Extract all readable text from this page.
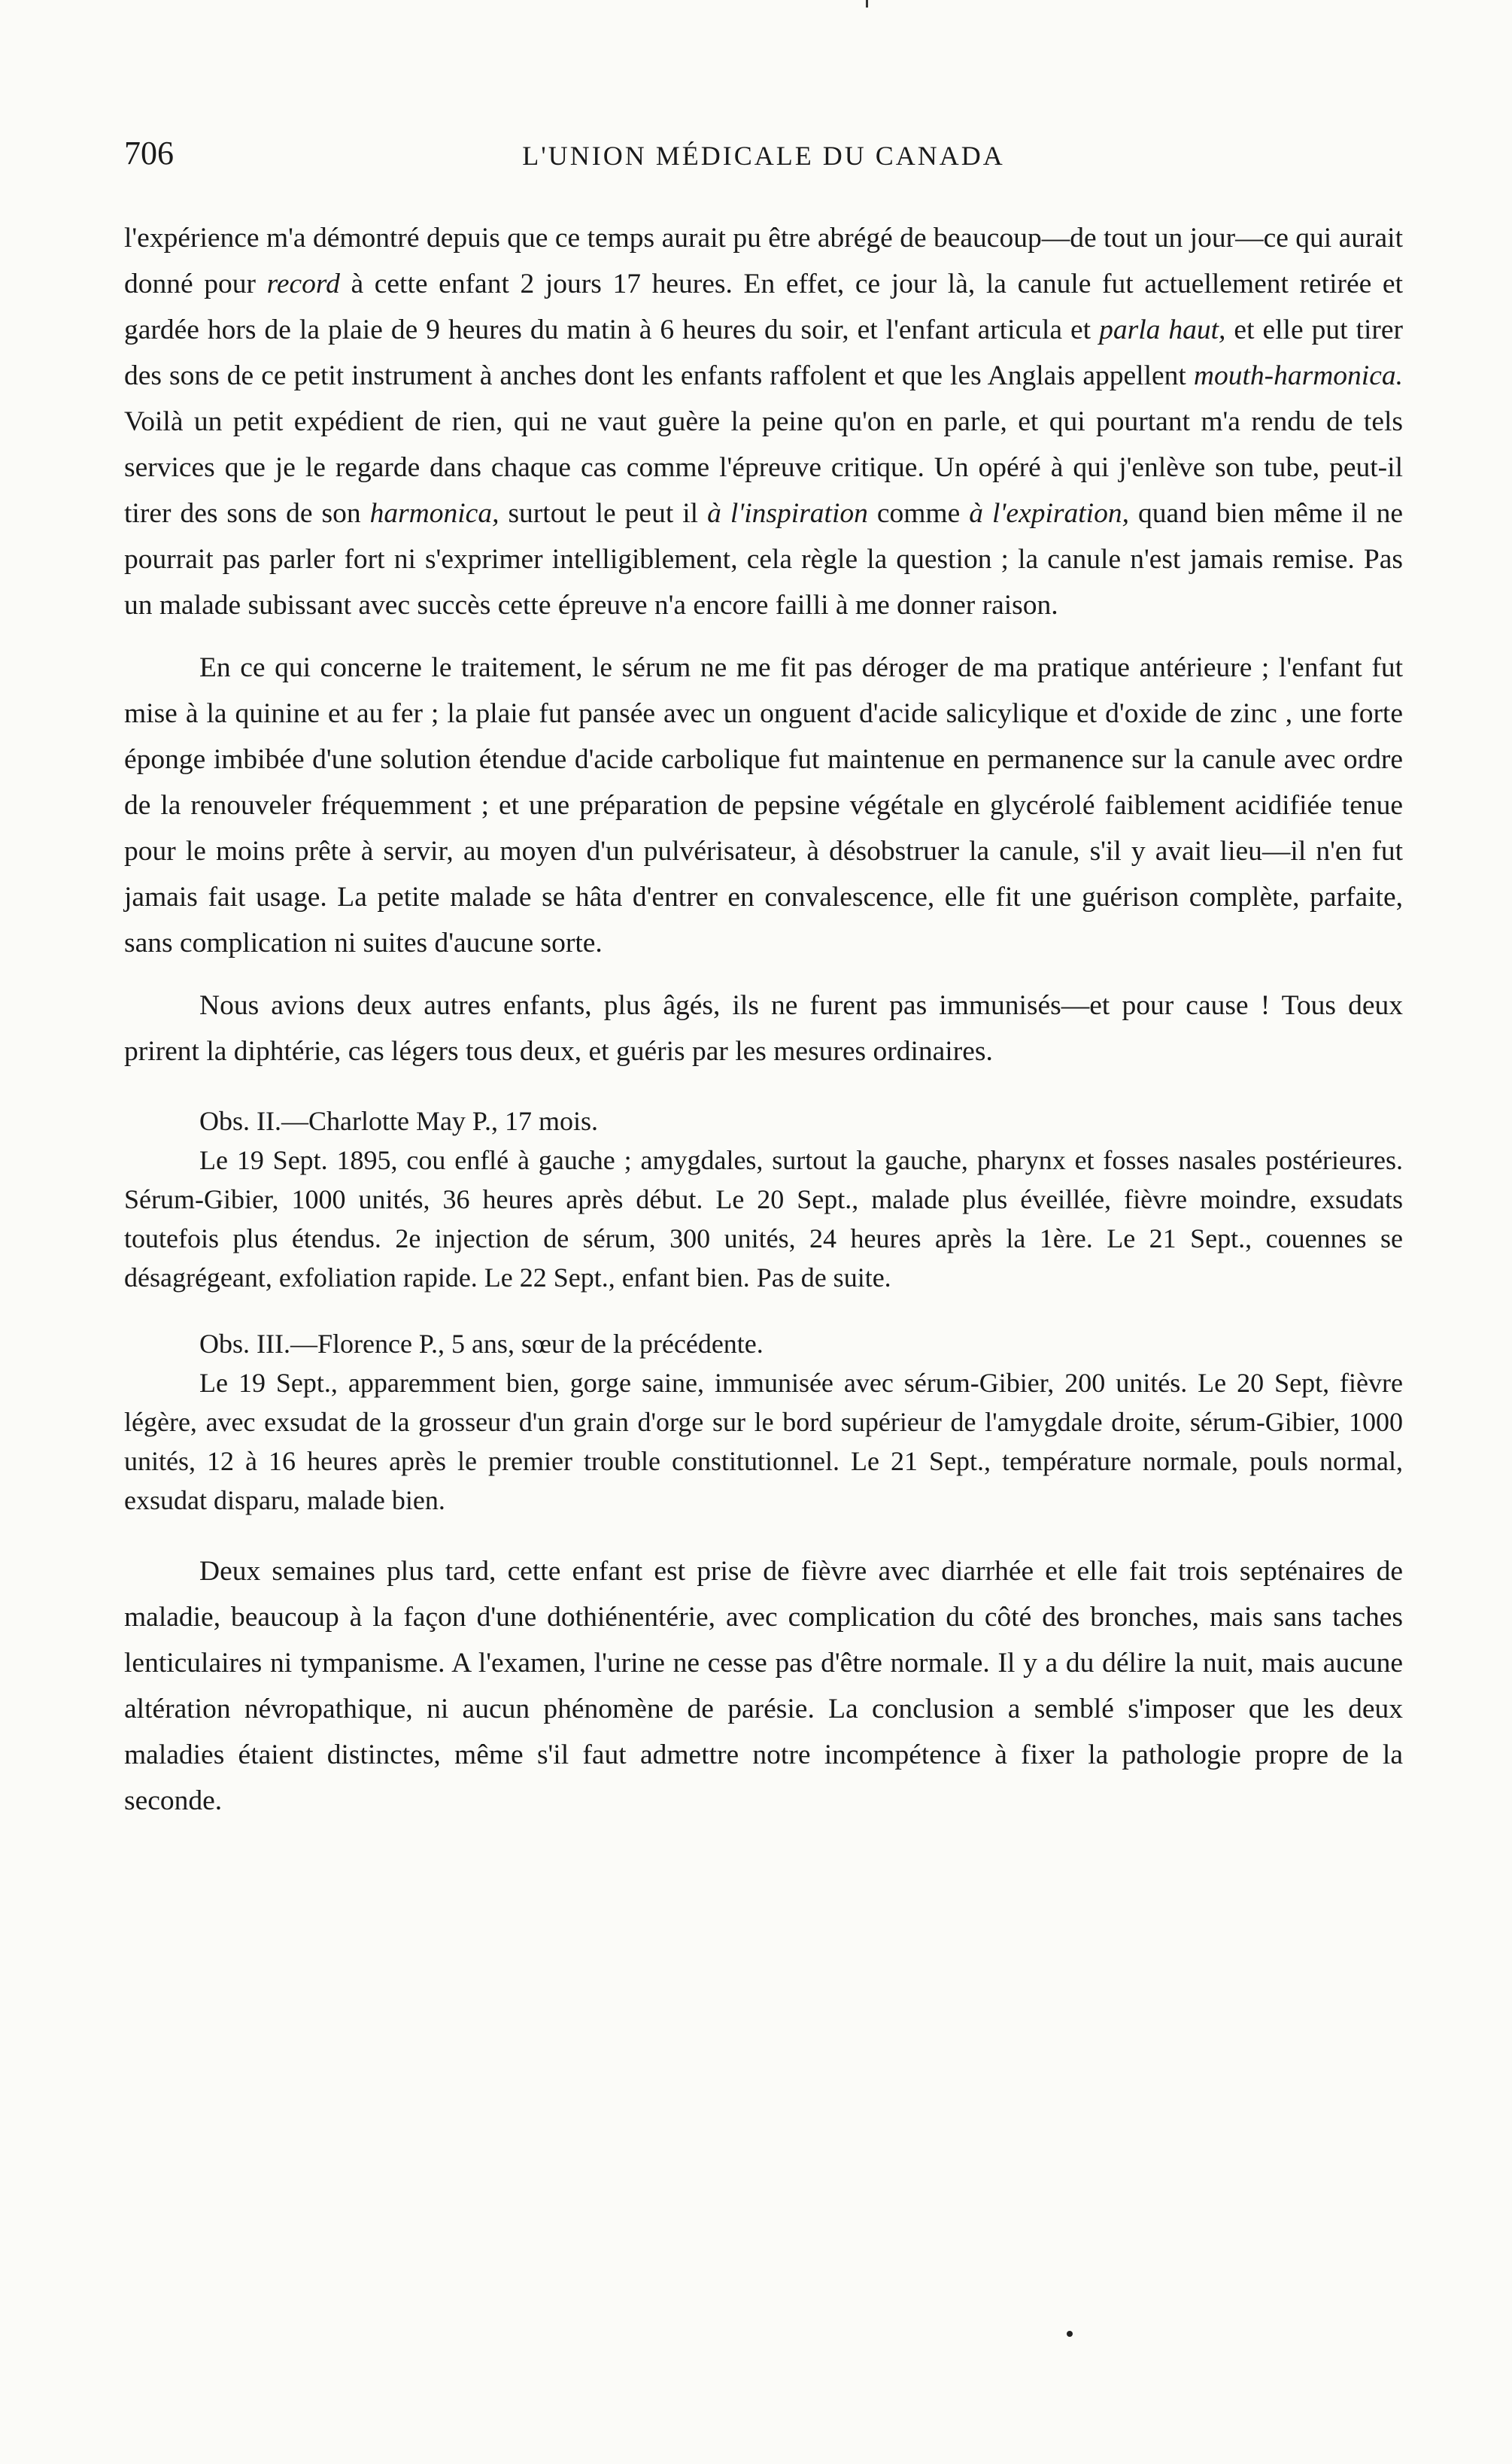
706	L'UNION MÉDICALE DU CANADA

l'expérience m'a démontré depuis que ce temps aurait pu être abrégé de beaucoup—de tout un jour—ce qui aurait donné pour record à cette enfant 2 jours 17 heures. En effet, ce jour là, la canule fut actuellement retirée et gardée hors de la plaie de 9 heures du matin à 6 heures du soir, et l'enfant articula et parla haut, et elle put tirer des sons de ce petit instrument à anches dont les enfants raffolent et que les Anglais appellent mouth-harmonica. Voilà un petit expédient de rien, qui ne vaut guère la peine qu'on en parle, et qui pourtant m'a rendu de tels services que je le regarde dans chaque cas comme l'épreuve critique. Un opéré à qui j'enlève son tube, peut-il tirer des sons de son harmonica, surtout le peut il à l'inspiration comme à l'expiration, quand bien même il ne pourrait pas parler fort ni s'exprimer intelligiblement, cela règle la question ; la canule n'est jamais remise. Pas un malade subissant avec succès cette épreuve n'a encore failli à me donner raison.

En ce qui concerne le traitement, le sérum ne me fit pas déroger de ma pratique antérieure ; l'enfant fut mise à la quinine et au fer ; la plaie fut pansée avec un onguent d'acide salicylique et d'oxide de zinc , une forte éponge imbibée d'une solution étendue d'acide carbolique fut maintenue en permanence sur la canule avec ordre de la renouveler fréquemment ; et une préparation de pepsine végétale en glycérolé faiblement acidifiée tenue pour le moins prête à servir, au moyen d'un pulvérisateur, à désobstruer la canule, s'il y avait lieu—il n'en fut jamais fait usage. La petite malade se hâta d'entrer en convalescence, elle fit une guérison complète, parfaite, sans complication ni suites d'aucune sorte.

Nous avions deux autres enfants, plus âgés, ils ne furent pas immunisés—et pour cause ! Tous deux prirent la diphtérie, cas légers tous deux, et guéris par les mesures ordinaires.

Obs. II.—Charlotte May P., 17 mois.

Le 19 Sept. 1895, cou enflé à gauche ; amygdales, surtout la gauche, pharynx et fosses nasales postérieures. Sérum-Gibier, 1000 unités, 36 heures après début. Le 20 Sept., malade plus éveillée, fièvre moindre, exsudats toutefois plus étendus. 2e injection de sérum, 300 unités, 24 heures après la 1ère. Le 21 Sept., couennes se désagrégeant, exfoliation rapide. Le 22 Sept., enfant bien. Pas de suite.

Obs. III.—Florence P., 5 ans, sœur de la précédente.

Le 19 Sept., apparemment bien, gorge saine, immunisée avec sérum-Gibier, 200 unités. Le 20 Sept, fièvre légère, avec exsudat de la grosseur d'un grain d'orge sur le bord supérieur de l'amygdale droite, sérum-Gibier, 1000 unités, 12 à 16 heures après le premier trouble constitutionnel. Le 21 Sept., température normale, pouls normal, exsudat disparu, malade bien.

Deux semaines plus tard, cette enfant est prise de fièvre avec diarrhée et elle fait trois septénaires de maladie, beaucoup à la façon d'une dothiénentérie, avec complication du côté des bronches, mais sans taches lenticulaires ni tympanisme. A l'examen, l'urine ne cesse pas d'être normale. Il y a du délire la nuit, mais aucune altération névropathique, ni aucun phénomène de parésie. La conclusion a semblé s'imposer que les deux maladies étaient distinctes, même s'il faut admettre notre incompétence à fixer la pathologie propre de la seconde.
